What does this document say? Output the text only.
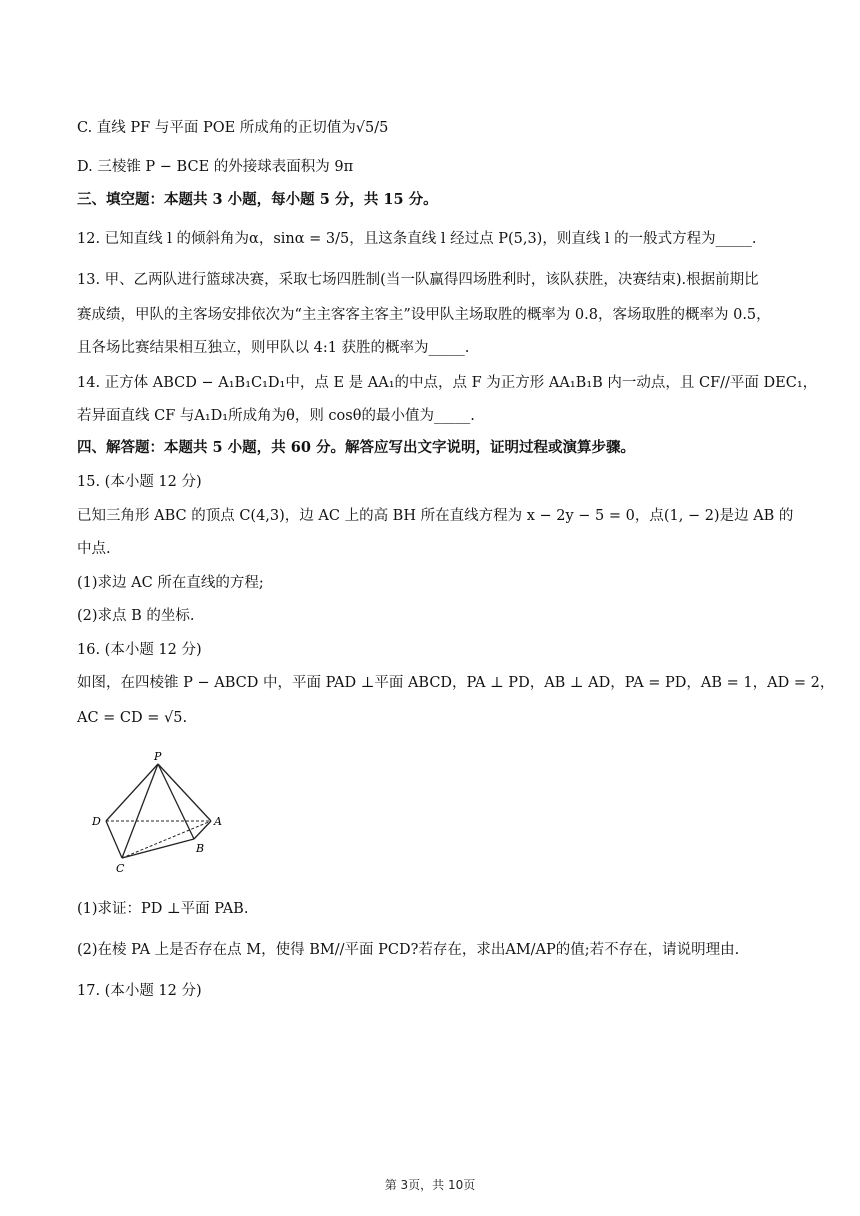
C. 直线 PF 与平面 POE 所成角的正切值为√5/5
D. 三棱锥 P − BCE 的外接球表面积为 9π
三、填空题：本题共 3 小题，每小题 5 分，共 15 分。
12. 已知直线 l 的倾斜角为α，sinα = 3/5，且这条直线 l 经过点 P(5,3)，则直线 l 的一般式方程为_____.
13. 甲、乙两队进行篮球决赛，采取七场四胜制(当一队赢得四场胜利时，该队获胜，决赛结束).根据前期比
赛成绩，甲队的主客场安排依次为“主主客客主客主”设甲队主场取胜的概率为 0.8，客场取胜的概率为 0.5，
且各场比赛结果相互独立，则甲队以 4:1 获胜的概率为_____.
14. 正方体 ABCD − A₁B₁C₁D₁中，点 E 是 AA₁的中点，点 F 为正方形 AA₁B₁B 内一动点，且 CF//平面 DEC₁，
若异面直线 CF 与A₁D₁所成角为θ，则 cosθ的最小值为_____.
四、解答题：本题共 5 小题，共 60 分。解答应写出文字说明，证明过程或演算步骤。
15. (本小题 12 分)
已知三角形 ABC 的顶点 C(4,3)，边 AC 上的高 BH 所在直线方程为 x − 2y − 5 = 0，点(1, − 2)是边 AB 的
中点.
(1)求边 AC 所在直线的方程;
(2)求点 B 的坐标.
16. (本小题 12 分)
如图，在四棱锥 P − ABCD 中，平面 PAD ⊥平面 ABCD，PA ⊥ PD，AB ⊥ AD，PA = PD，AB = 1，AD = 2，
AC = CD = √5.
P
D	A
B
C
(1)求证：PD ⊥平面 PAB.
(2)在棱 PA 上是否存在点 M，使得 BM//平面 PCD?若存在，求出AM/AP的值;若不存在，请说明理由.
17. (本小题 12 分)
第 3页，共 10页
